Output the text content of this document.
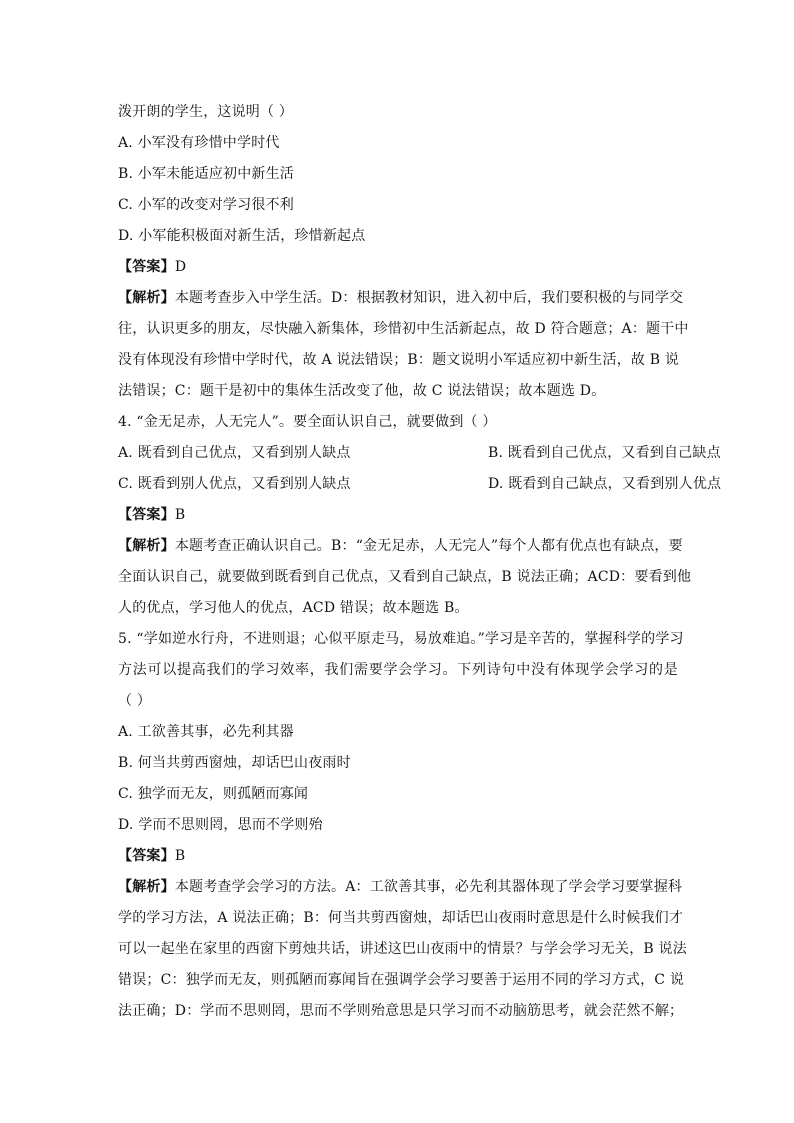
泼开朗的学生，这说明（ ）
A. 小军没有珍惜中学时代
B. 小军未能适应初中新生活
C. 小军的改变对学习很不利
D. 小军能积极面对新生活，珍惜新起点
【答案】D
【解析】本题考查步入中学生活。D：根据教材知识，进入初中后，我们要积极的与同学交
往，认识更多的朋友，尽快融入新集体，珍惜初中生活新起点，故 D 符合题意；A：题干中
没有体现没有珍惜中学时代，故 A 说法错误；B：题文说明小军适应初中新生活，故 B 说
法错误；C：题干是初中的集体生活改变了他，故 C 说法错误；故本题选 D。
4. “金无足赤，人无完人”。要全面认识自己，就要做到（ ）
A. 既看到自己优点，又看到别人缺点	B. 既看到自己优点，又看到自己缺点
C. 既看到别人优点，又看到别人缺点	D. 既看到自己缺点，又看到别人优点
【答案】B
【解析】本题考查正确认识自己。B：“金无足赤，人无完人”每个人都有优点也有缺点，要
全面认识自己，就要做到既看到自己优点，又看到自己缺点，B 说法正确；ACD：要看到他
人的优点，学习他人的优点，ACD 错误；故本题选 B。
5. “学如逆水行舟，不进则退；心似平原走马，易放难追。”学习是辛苦的，掌握科学的学习
方法可以提高我们的学习效率，我们需要学会学习。下列诗句中没有体现学会学习的是
（ ）
A. 工欲善其事，必先利其器
B. 何当共剪西窗烛，却话巴山夜雨时
C. 独学而无友，则孤陋而寡闻
D. 学而不思则罔，思而不学则殆
【答案】B
【解析】本题考查学会学习的方法。A：工欲善其事，必先利其器体现了学会学习要掌握科
学的学习方法，A 说法正确；B：何当共剪西窗烛，却话巴山夜雨时意思是什么时候我们才
可以一起坐在家里的西窗下剪烛共话，讲述这巴山夜雨中的情景？与学会学习无关，B 说法
错误；C：独学而无友，则孤陋而寡闻旨在强调学会学习要善于运用不同的学习方式，C 说
法正确；D：学而不思则罔，思而不学则殆意思是只学习而不动脑筋思考，就会茫然不解；
